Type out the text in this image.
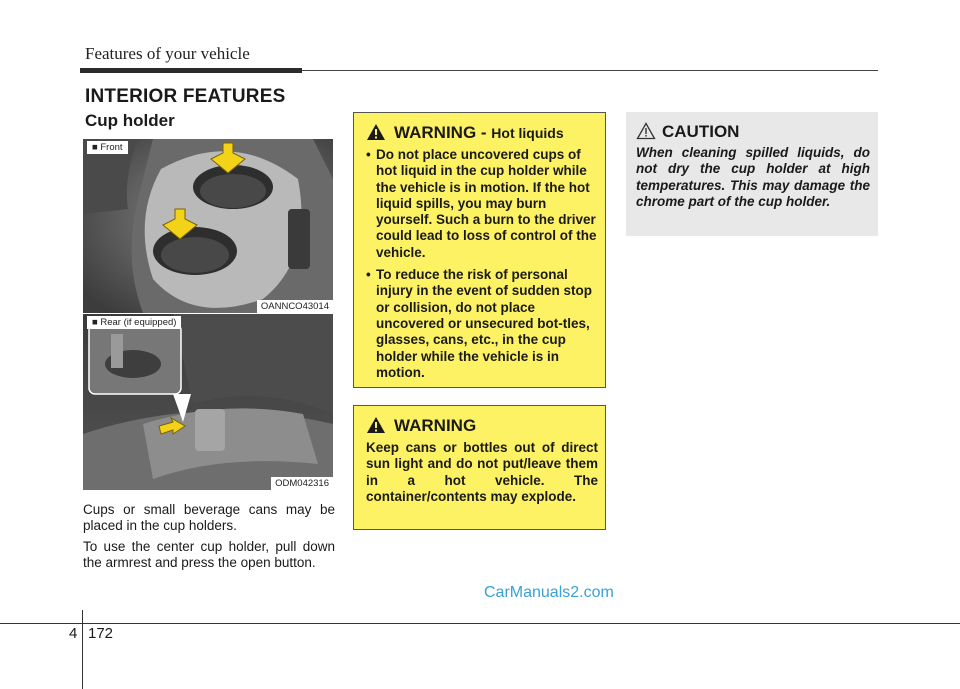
Features of your vehicle
INTERIOR FEATURES
Cup holder
■ Front
OANNCO43014
■ Rear (if equipped)
ODM042316
Cups or small beverage cans may be placed in the cup holders.
To use the center cup holder, pull down the armrest and press the open button.
WARNING - Hot liquids
• Do not place uncovered cups of hot liquid in the cup holder while the vehicle is in motion. If the hot liquid spills, you may burn yourself. Such a burn to the driver could lead to loss of control of the vehicle.
• To reduce the risk of personal injury in the event of sudden stop or collision, do not place uncovered or unsecured bot-tles, glasses, cans, etc., in the cup holder while the vehicle is in motion.
WARNING
Keep cans or bottles out of direct sun light and do not put/leave them in a hot vehicle. The container/contents may explode.
CAUTION
When cleaning spilled liquids, do not dry the cup holder at high temperatures. This may damage the chrome part of the cup holder.
CarManuals2.com
4 172
